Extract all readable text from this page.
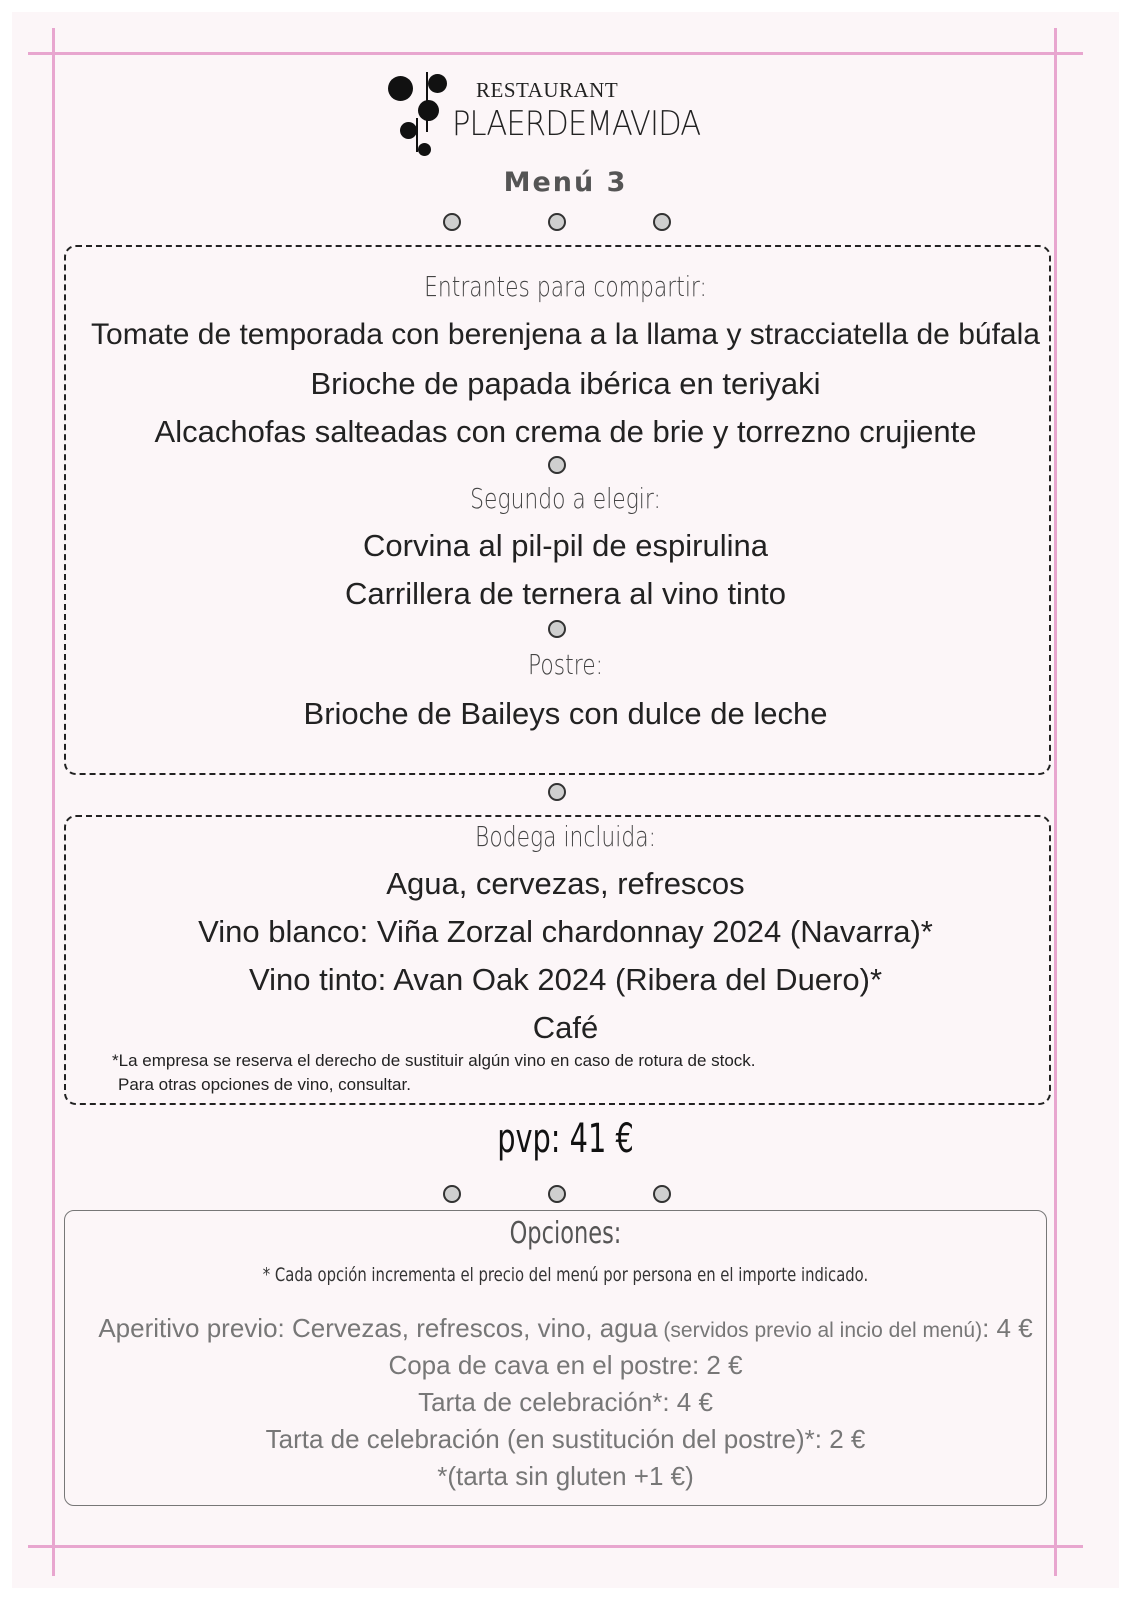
RESTAURANT
PLAERDEMAVIDA
Menú 3
Entrantes para compartir:
Tomate de temporada con berenjena a la llama y stracciatella de búfala
Brioche de papada ibérica en teriyaki
Alcachofas salteadas con crema de brie y torrezno crujiente
Segundo a elegir:
Corvina al pil-pil de espirulina
Carrillera de ternera al vino tinto
Postre:
Brioche de Baileys con dulce de leche
Bodega incluida:
Agua, cervezas, refrescos
Vino blanco: Viña Zorzal chardonnay 2024 (Navarra)*
Vino tinto: Avan Oak 2024 (Ribera del Duero)*
Café
*La empresa se reserva el derecho de sustituir algún vino en caso de rotura de stock.
Para otras opciones de vino, consultar.
pvp: 41 €
Opciones:
* Cada opción incrementa el precio del menú por persona en el importe indicado.
Aperitivo previo: Cervezas, refrescos, vino, agua (servidos previo al incio del menú): 4 €
Copa de cava en el postre: 2 €
Tarta de celebración*: 4 €
Tarta de celebración (en sustitución del postre)*: 2 €
*(tarta sin gluten +1 €)
